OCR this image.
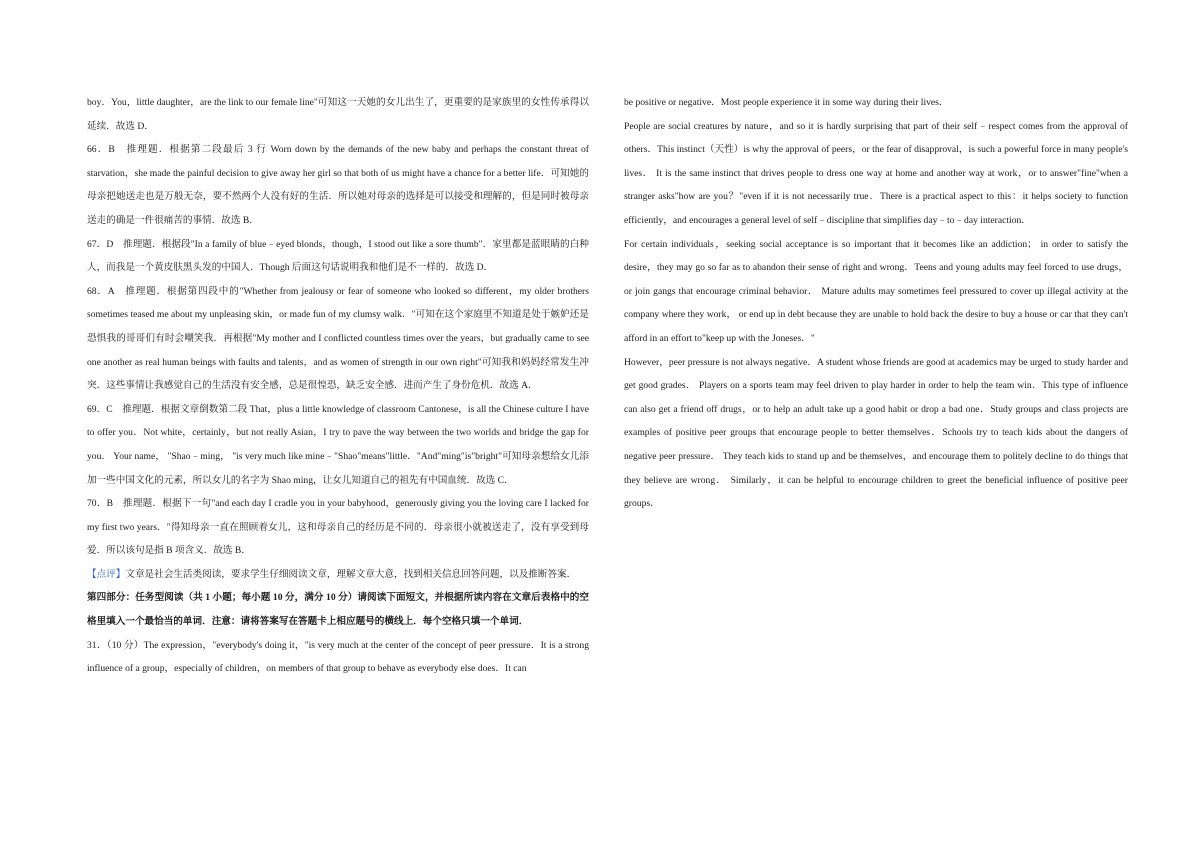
boy．You，little daughter，are the link to our female line"可知这一天她的女儿出生了，更重要的是家族里的女性传承得以延续．故选 D．

66．B　推理题．根据第二段最后 3 行 Worn down by the demands of the new baby and perhaps the constant threat of starvation，she made the painful decision to give away her girl so that both of us might have a chance for a better life．可知她的母亲把她送走也是万般无奈，要不然两个人没有好的生活．所以她对母亲的选择是可以接受和理解的，但是同时被母亲送走的确是一件很痛苦的事情．故选 B．

67．D　推理题．根据段"In a family of blue﹣eyed blonds，though，I stood out like a sore thumb"．家里都是蓝眼睛的白种人，而我是一个黄皮肤黑头发的中国人．Though 后面这句话说明我和他们是不一样的．故选 D．

68．A　推理题．根据第四段中的"Whether from jealousy or fear of someone who looked so different，my older brothers sometimes teased me about my unpleasing skin，or made fun of my clumsy walk．"可知在这个家庭里不知道是处于嫉妒还是恐惧我的哥哥们有时会嘲笑我．再根据"My mother and I conflicted countless times over the years，but gradually came to see one another as real human beings with faults and talents，and as women of strength in our own right"可知我和妈妈经常发生冲突．这些事情让我感觉自己的生活没有安全感，总是很惶恐，缺乏安全感．进而产生了身份危机．故选 A．

69．C　推理题．根据文章倒数第二段 That，plus a little knowledge of classroom Cantonese，is all the Chinese culture I have to offer you．Not white，certainly，but not really Asian，I try to pave the way between the two worlds and bridge the gap for you． Your name， "Shao﹣ming， "is very much like mine﹣"Shao"means"little．"And"ming"is"bright"可知母亲想给女儿添加一些中国文化的元素，所以女儿的名字为 Shao ming，让女儿知道自己的祖先有中国血统．故选 C．

70．B　推理题．根据下一句"and each day I cradle you in your babyhood，generously giving you the loving care I lacked for my first two years．"得知母亲一直在照顾着女儿，这和母亲自己的经历是不同的．母亲很小就被送走了，没有享受到母爱．所以该句是指 B 项含义．故选 B．

【点评】文章是社会生活类阅读，要求学生仔细阅读文章，理解文章大意，找到相关信息回答问题，以及推断答案．

第四部分：任务型阅读（共 1 小题；每小题 10 分，满分 10 分）请阅读下面短文，并根据所读内容在文章后表格中的空格里填入一个最恰当的单词．注意：请将答案写在答题卡上相应题号的横线上．每个空格只填一个单词．

31．（10 分）The expression，"everybody's doing it，"is very much at the center of the concept of peer pressure．It is a strong influence of a group，especially of children，on members of that group to behave as everybody else does．It can

be positive or negative．Most people experience it in some way during their lives．

People are social creatures by nature，and so it is hardly surprising that part of their self﹣respect comes from the approval of others．This instinct（天性）is why the approval of peers，or the fear of disapproval，is such a powerful force in many people's lives． It is the same instinct that drives people to dress one way at home and another way at work，or to answer"fine"when a stranger asks"how are you？"even if it is not necessarily true．There is a practical aspect to this：it helps society to function efficiently，and encourages a general level of self﹣discipline that simplifies day﹣to﹣day interaction．

For certain individuals，seeking social acceptance is so important that it becomes like an addiction； in order to satisfy the desire，they may go so far as to abandon their sense of right and wrong．Teens and young adults may feel forced to use drugs，or join gangs that encourage criminal behavior． Mature adults may sometimes feel pressured to cover up illegal activity at the company where they work， or end up in debt because they are unable to hold back the desire to buy a house or car that they can't afford in an effort to"keep up with the Joneses．"

However，peer pressure is not always negative．A student whose friends are good at academics may be urged to study harder and get good grades． Players on a sports team may feel driven to play harder in order to help the team win．This type of influence can also get a friend off drugs，or to help an adult take up a good habit or drop a bad one．Study groups and class projects are examples of positive peer groups that encourage people to better themselves．Schools try to teach kids about the dangers of negative peer pressure． They teach kids to stand up and be themselves，and encourage them to politely decline to do things that they believe are wrong． Similarly，it can be helpful to encourage children to greet the beneficial influence of positive peer groups．
